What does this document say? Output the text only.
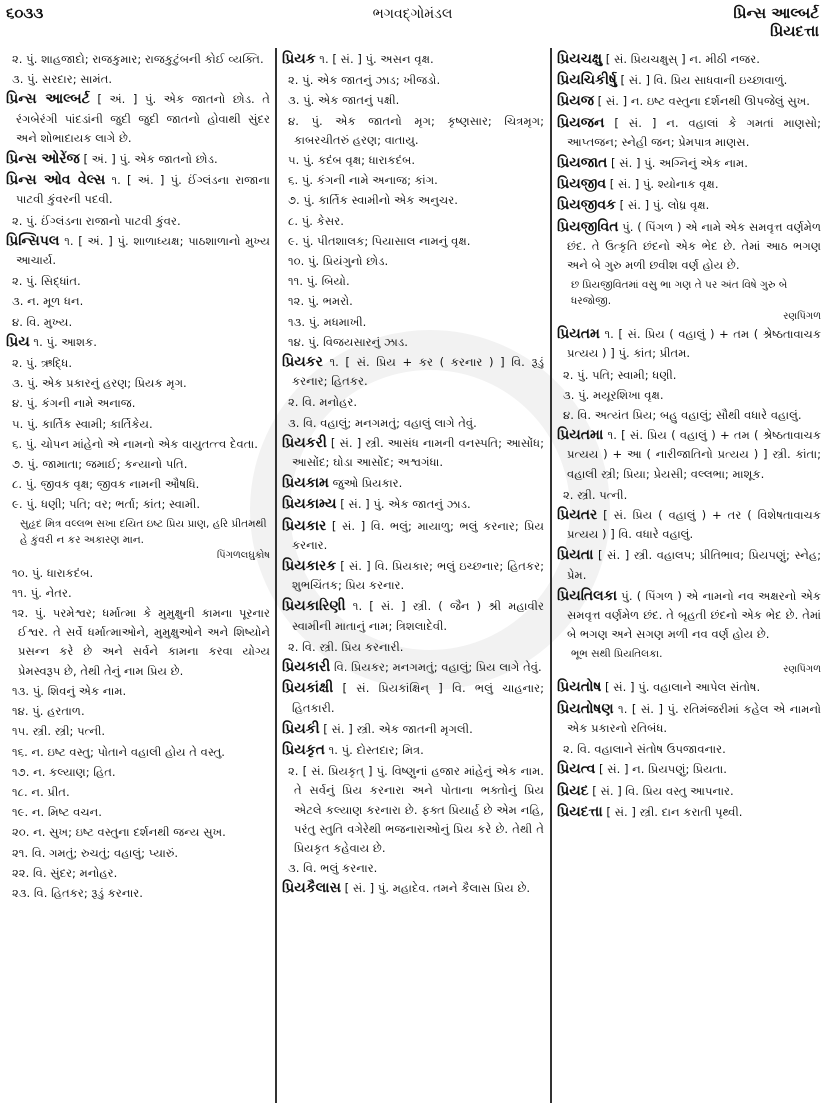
૬૦૩૩	ભગવદ્ગોમંડલ	પ્રિન્સ આલ્બર્ટ
પ્રિયદત્તા
૨. પું. શાહજાદો; રાજકુમાર; રાજકુટુંબની કોઈ વ્યક્તિ.
૩. પું. સરદાર; સામંત.
પ્રિન્સ આલ્બર્ટ [ અં. ] પું. એક જાતનો છોડ. તે રંગબેરંગી પાંદડાંની જુદી જુદી જાતનો હોવાથી સુંદર અને શોભાદાયક લાગે છે.
પ્રિન્સ ઓરેંજ [ અં. ] પું. એક જાતનો છોડ.
પ્રિન્સ ઓવ વેલ્સ ૧. [ અં. ] પું. ઈંગ્લંડના રાજાના પાટવી કુંવરની પદવી.
૨. પું. ઈંગ્લંડના રાજાનો પાટવી કુંવર.
પ્રિન્સિપલ ૧. [ અં. ] પું. શાળાધ્યક્ષ; પાઠશાળાનો મુખ્ય આચાર્ય.
૨. પું. સિદ્ધાંત.
૩. ન. મૂળ ધન.
૪. વિ. મુખ્ય.
પ્રિય ૧. પું. આશક.
૨. પું. ઋદ્ધિ.
૩. પું. એક પ્રકારનું હરણ; પ્રિયક મૃગ.
૪. પું. કંગની નામે અનાજ.
૫. પું. કાર્તિક સ્વામી; કાર્તિકેય.
૬. પું. ચોપન માંહેનો એ નામનો એક વાયુતત્ત્વ દેવતા.
૭. પું. જામાતા; જમાઈ; કન્યાનો પતિ.
૮. પું. જીવક વૃક્ષ; જીવક નામની ઔષધિ.
૯. પું. ધણી; પતિ; વર; ભર્તા; કાંત; સ્વામી.
સુહૃદ મિત્ર વલ્લભ સખા દયિત ઇષ્ટ પ્રિય પ્રાણ, હરિ પ્રીતમથી હે કુંવરી ન કર અકારણ માન.
પિંગળલઘુકોષ
૧૦. પું. ધારાકદંબ.
૧૧. પું. નેતર.
૧૨. પું. પરમેશ્વર; ધર્માત્મા કે મુમુક્ષુની કામના પૂરનાર ઈશ્વર. તે સર્વે ધર્માત્માઓને, મુમુક્ષુઓને અને શિષ્યોને પ્રસન્ન કરે છે અને સર્વને કામના કરવા યોગ્ય પ્રેમસ્વરૂપ છે, તેથી તેનું નામ પ્રિય છે.
૧૩. પું. શિવનું એક નામ.
૧૪. પું. હરતાળ.
૧૫. સ્ત્રી. સ્ત્રી; પત્ની.
૧૬. ન. ઇષ્ટ વસ્તુ; પોતાને વહાલી હોય તે વસ્તુ.
૧૭. ન. કલ્યાણ; હિત.
૧૮. ન. પ્રીત.
૧૯. ન. મિષ્ટ વચન.
૨૦. ન. સુખ; ઇષ્ટ વસ્તુના દર્શનથી જન્ય સુખ.
૨૧. વિ. ગમતું; રુચતું; વહાલું; પ્યારું.
૨૨. વિ. સુંદર; મનોહર.
૨૩. વિ. હિતકર; રૂડું કરનાર.
પ્રિયક ૧. [ સં. ] પું. અસન વૃક્ષ.
૨. પું. એક જાતનું ઝાડ; ખીજડો.
૩. પું. એક જાતનું પક્ષી.
૪. પું. એક જાતનો મૃગ; કૃષ્ણસાર; ચિત્રમૃગ; કાબરચીતરું હરણ; વાતાયુ.
૫. પું. કદંબ વૃક્ષ; ધારાકદંબ.
૬. પું. કંગની નામે અનાજ; કાંગ.
૭. પું. કાર્તિક સ્વામીનો એક અનુચર.
૮. પું. કેસર.
૯. પું. પીતશાલક; પિયાસાલ નામનું વૃક્ષ.
૧૦. પું. પ્રિયંગુનો છોડ.
૧૧. પું. બિયો.
૧૨. પું. ભમરો.
૧૩. પું. મધમાખી.
૧૪. પું. વિજયસારનું ઝાડ.
પ્રિયકર ૧. [ સં. પ્રિય + કર ( કરનાર ) ] વિ. રૂડું કરનાર; હિતકર.
૨. વિ. મનોહર.
૩. વિ. વહાલું; મનગમતું; વહાલું લાગે તેવું.
પ્રિયકરી [ સં. ] સ્ત્રી. આસંધ નામની વનસ્પતિ; આસોંધ; આસોંદ; ઘોડા આસોંદ; અશ્વગંધા.
પ્રિયકામ જુઓ પ્રિયકાર.
પ્રિયકામ્ય [ સં. ] પું. એક જાતનું ઝાડ.
પ્રિયકાર [ સં. ] વિ. ભલું; માયાળુ; ભલું કરનાર; પ્રિય કરનાર.
પ્રિયકારક [ સં. ] વિ. પ્રિયકાર; ભલું ઇચ્છનાર; હિતકર; શુભચિંતક; પ્રિય કરનાર.
પ્રિયકારિણી ૧. [ સં. ] સ્ત્રી. ( જૈન ) શ્રી મહાવીર સ્વામીની માતાનું નામ; ત્રિશલાદેવી.
૨. વિ. સ્ત્રી. પ્રિય કરનારી.
પ્રિયકારી વિ. પ્રિયકર; મનગમતું; વહાલું; પ્રિય લાગે તેવું.
પ્રિયકાંક્ષી [ સં. પ્રિયકાંક્ષિન્ ] વિ. ભલું ચાહનાર; હિતકારી.
પ્રિયકી [ સં. ] સ્ત્રી. એક જાતની મૃગલી.
પ્રિયકૃત ૧. પું. દોસ્તદાર; મિત્ર.
૨. [ સં. પ્રિયકૃત્ ] પું. વિષ્ણુનાં હજાર માંહેનું એક નામ. તે સર્વનું પ્રિય કરનારા અને પોતાના ભક્તોનું પ્રિય એટલે કલ્યાણ કરનારા છે. ફક્ત પ્રિયાર્હ છે એમ નહિ, પરંતુ સ્તુતિ વગેરેથી ભજનારાઓનું પ્રિય કરે છે. તેથી તે પ્રિયકૃત કહેવાય છે.
૩. વિ. ભલું કરનાર.
પ્રિયકૈલાસ [ સં. ] પું. મહાદેવ. તમને કૈલાસ પ્રિય છે.
પ્રિયચક્ષુ [ સં. પ્રિયચક્ષુસ્ ] ન. મીઠી નજર.
પ્રિયચિકીર્ષુ [ સં. ] વિ. પ્રિય સાધવાની ઇચ્છાવાળું.
પ્રિયજ [ સં. ] ન. ઇષ્ટ વસ્તુના દર્શનથી ઊપજેલું સુખ.
પ્રિયજન [ સં. ] ન. વહાલાં કે ગમતાં માણસો; આપ્તજન; સ્નેહી જન; પ્રેમપાત્ર માણસ.
પ્રિયજાત [ સં. ] પું. અગ્નિનું એક નામ.
પ્રિયજીવ [ સં. ] પું. શ્યોનાક વૃક્ષ.
પ્રિયજીવક [ સં. ] પું. લોધ્ર વૃક્ષ.
પ્રિયજીવિત પું. ( પિંગળ ) એ નામે એક સમવૃત્ત વર્ણમેળ છંદ. તે ઉત્કૃતિ છંદનો એક ભેદ છે. તેમાં આઠ ભગણ અને બે ગુરુ મળી છવીશ વર્ણ હોય છે.
છ પ્રિયજીવિતમાં વસુ ભા ગણ તે પર અંત વિષે ગુરુ બે ધરજોજી.
રણપિંગળ
પ્રિયતમ ૧. [ સં. પ્રિય ( વહાલું ) + તમ ( શ્રેષ્ઠતાવાચક પ્રત્યય ) ] પું. કાંત; પ્રીતમ.
૨. પું. પતિ; સ્વામી; ધણી.
૩. પું. મયૂરશિખા વૃક્ષ.
૪. વિ. અત્યંત પ્રિય; બહુ વહાલું; સૌથી વધારે વહાલું.
પ્રિયતમા ૧. [ સં. પ્રિય ( વહાલું ) + તમ ( શ્રેષ્ઠતાવાચક પ્રત્યય ) + આ ( નારીજાતિનો પ્રત્યય ) ] સ્ત્રી. કાંતા; વહાલી સ્ત્રી; પ્રિયા; પ્રેયસી; વલ્લભા; માશૂક.
૨. સ્ત્રી. પત્ની.
પ્રિયતર [ સં. પ્રિય ( વહાલું ) + તર ( વિશેષતાવાચક પ્રત્યય ) ] વિ. વધારે વહાલું.
પ્રિયતા [ સં. ] સ્ત્રી. વહાલપ; પ્રીતિભાવ; પ્રિયપણું; સ્નેહ; પ્રેમ.
પ્રિયતિલકા પું. ( પિંગળ ) એ નામનો નવ અક્ષરનો એક સમવૃત્ત વર્ણમેળ છંદ. તે બૃહતી છંદનો એક ભેદ છે. તેમાં બે ભગણ અને સગણ મળી નવ વર્ણ હોય છે.
ભૂભ સથી પ્રિયતિલકા.
રણપિંગળ
પ્રિયતોષ [ સં. ] પું. વહાલાને આપેલ સંતોષ.
પ્રિયતોષણ ૧. [ સં. ] પું. રતિમંજરીમાં કહેલ એ નામનો એક પ્રકારનો રતિબંધ.
૨. વિ. વહાલાને સંતોષ ઉપજાવનાર.
પ્રિયત્વ [ સં. ] ન. પ્રિયપણું; પ્રિયતા.
પ્રિયદ [ સં. ] વિ. પ્રિય વસ્તુ આપનાર.
પ્રિયદત્તા [ સં. ] સ્ત્રી. દાન કરાતી પૃથ્વી.
